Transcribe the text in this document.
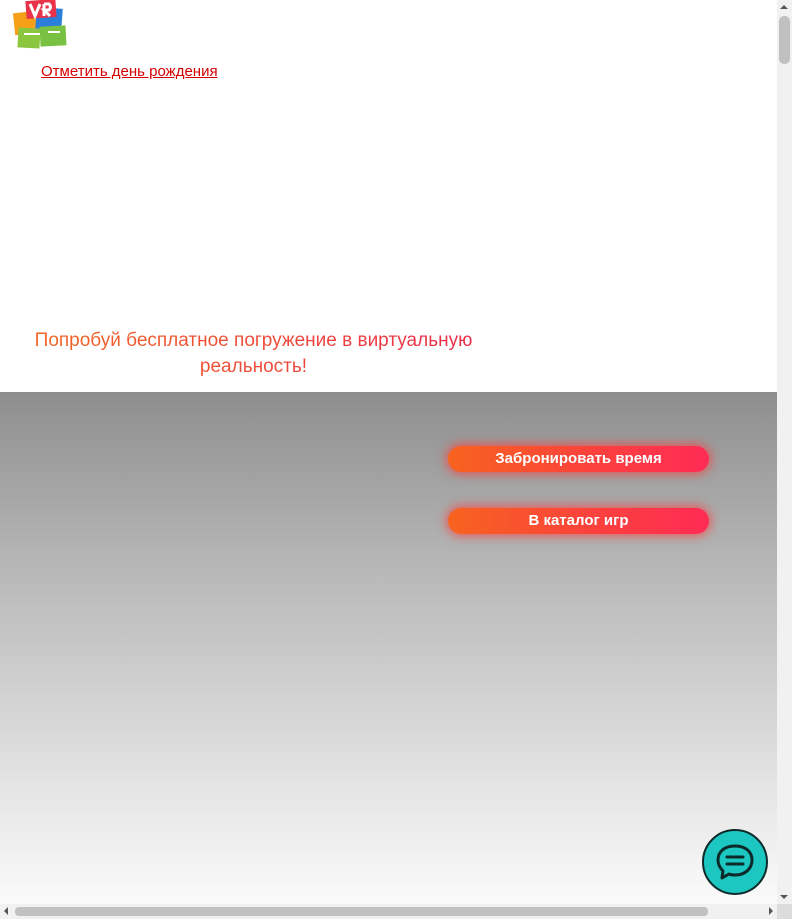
Отметить день рождения
Попробуй бесплатное погружение в виртуальную реальность!
Забронировать время
В каталог игр
